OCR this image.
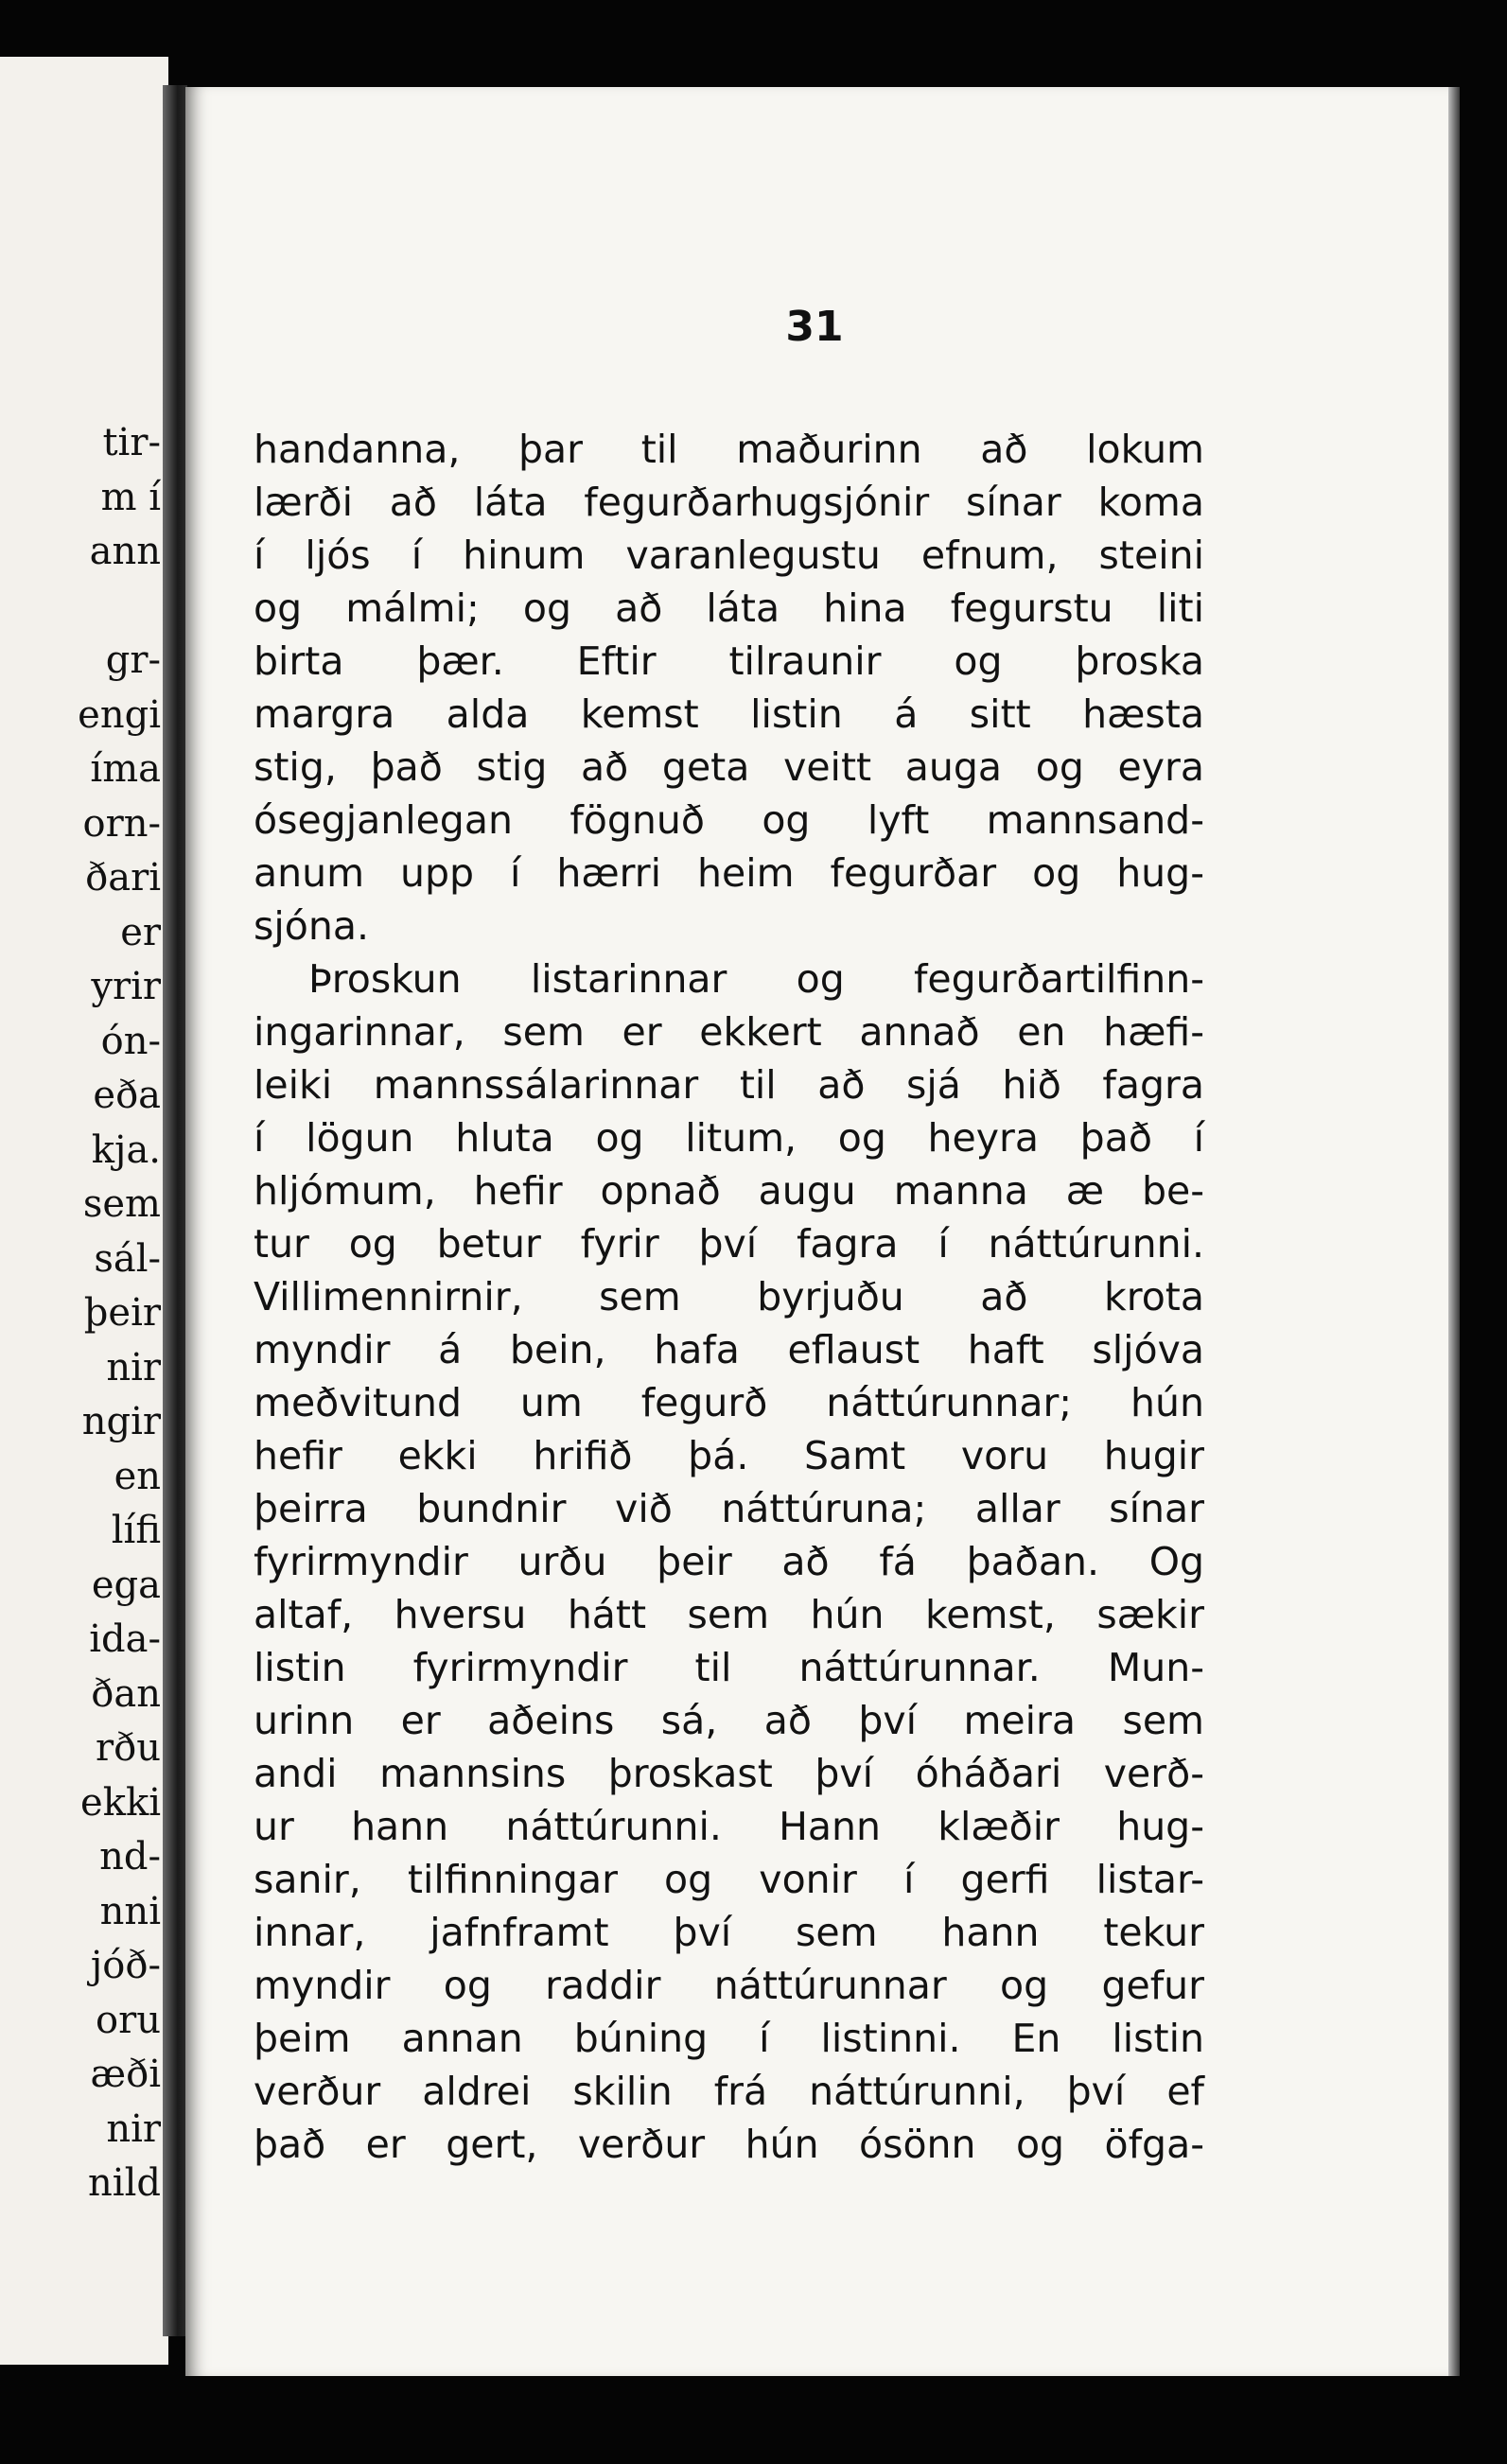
tir-
m í
ann
gr-
engi
íma
orn-
ðari
er
yrir
ón-
eða
kja.
sem
sál-
þeir
nir
ngir
en
lífi
ega
ida-
ðan
rðu
ekki
nd-
nni
jóð-
oru
æði
nir
nild
31
handanna, þar til maðurinn að lokum
lærði að láta fegurðarhugsjónir sínar koma
í ljós í hinum varanlegustu efnum, steini
og málmi; og að láta hina fegurstu liti
birta þær. Eftir tilraunir og þroska
margra alda kemst listin á sitt hæsta
stig, það stig að geta veitt auga og eyra
ósegjanlegan fögnuð og lyft mannsand-
anum upp í hærri heim fegurðar og hug-
sjóna.
Þroskun listarinnar og fegurðartilfinn-
ingarinnar, sem er ekkert annað en hæfi-
leiki mannssálarinnar til að sjá hið fagra
í lögun hluta og litum, og heyra það í
hljómum, hefir opnað augu manna æ be-
tur og betur fyrir því fagra í náttúrunni.
Villimennirnir, sem byrjuðu að krota
myndir á bein, hafa eflaust haft sljóva
meðvitund um fegurð náttúrunnar; hún
hefir ekki hrifið þá. Samt voru hugir
þeirra bundnir við náttúruna; allar sínar
fyrirmyndir urðu þeir að fá þaðan. Og
altaf, hversu hátt sem hún kemst, sækir
listin fyrirmyndir til náttúrunnar. Mun-
urinn er aðeins sá, að því meira sem
andi mannsins þroskast því óháðari verð-
ur hann náttúrunni. Hann klæðir hug-
sanir, tilfinningar og vonir í gerfi listar-
innar, jafnframt því sem hann tekur
myndir og raddir náttúrunnar og gefur
þeim annan búning í listinni. En listin
verður aldrei skilin frá náttúrunni, því ef
það er gert, verður hún ósönn og öfga-
